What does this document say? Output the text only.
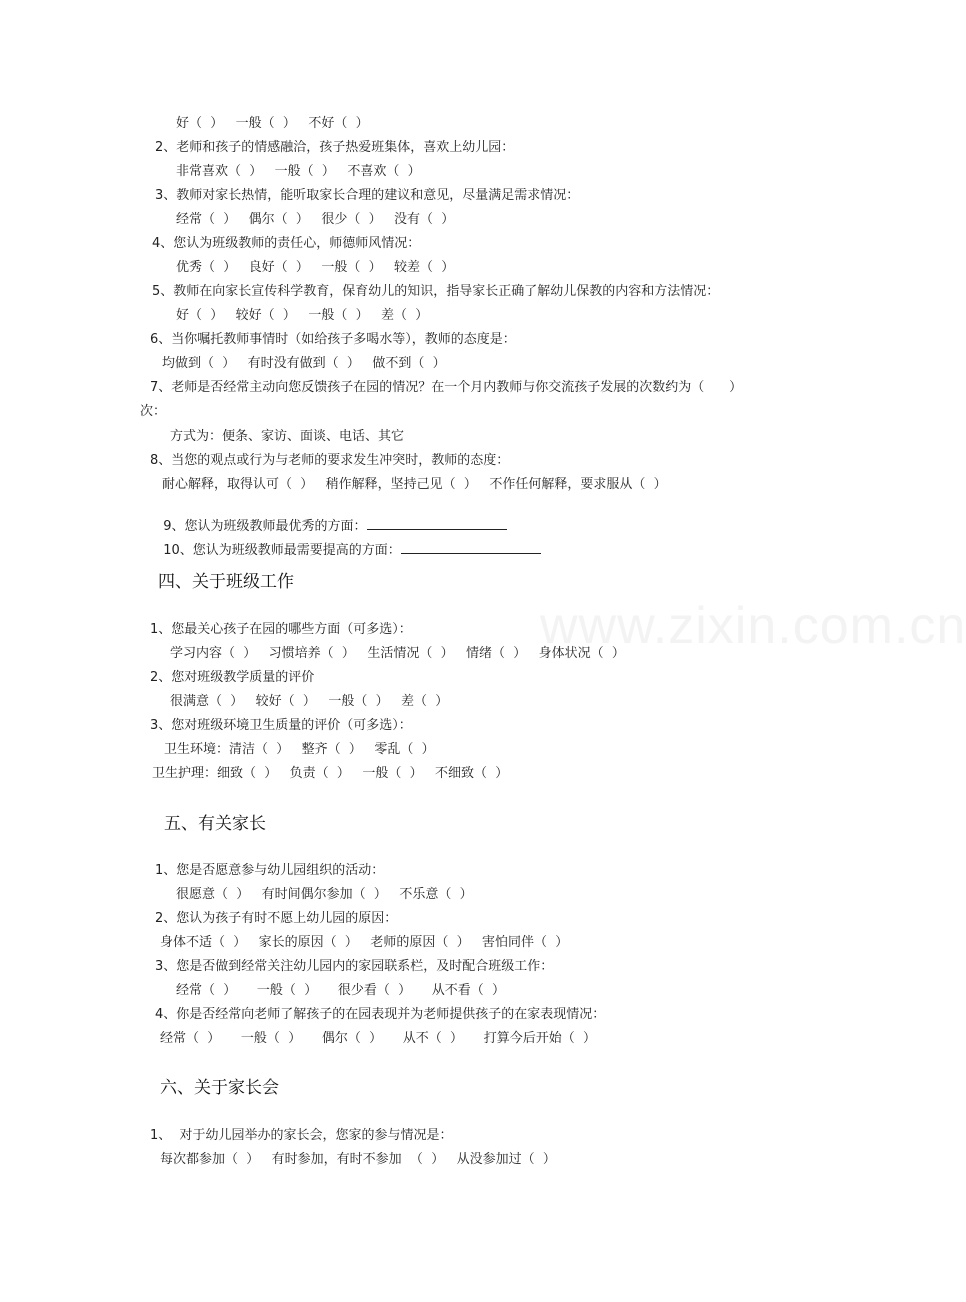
www.zixin.com.cn
好（  ）   一般（  ）   不好（  ）
2、老师和孩子的情感融洽，孩子热爱班集体，喜欢上幼儿园：
非常喜欢（  ）   一般（  ）   不喜欢（  ）
3、教师对家长热情，能听取家长合理的建议和意见，尽量满足需求情况：
经常（  ）   偶尔（  ）   很少（  ）   没有（  ）
4、您认为班级教师的责任心，师德师风情况：
优秀（  ）   良好（  ）   一般（  ）   较差（  ）
5、教师在向家长宣传科学教育，保育幼儿的知识，指导家长正确了解幼儿保教的内容和方法情况：
好（  ）   较好（  ）   一般（  ）   差（  ）
6、当你嘱托教师事情时（如给孩子多喝水等），教师的态度是：
均做到（  ）   有时没有做到（  ）   做不到（  ）
7、老师是否经常主动向您反馈孩子在园的情况？在一个月内教师与你交流孩子发展的次数约为（      ）
次：
方式为：便条、家访、面谈、电话、其它
8、当您的观点或行为与老师的要求发生冲突时，教师的态度：
耐心解释，取得认可（  ）   稍作解释，坚持己见（  ）   不作任何解释，要求服从（  ）

9、您认为班级教师最优秀的方面：

10、您认为班级教师最需要提高的方面：

四、关于班级工作
1、您最关心孩子在园的哪些方面（可多选）：
学习内容（  ）   习惯培养（  ）   生活情况（  ）   情绪（  ）   身体状况（  ）
2、您对班级教学质量的评价
很满意（  ）   较好（  ）   一般（  ）   差（  ）
3、您对班级环境卫生质量的评价（可多选）：
卫生环境：清洁（  ）   整齐（  ）   零乱（  ）
卫生护理：细致（  ）   负责（  ）   一般（  ）   不细致（  ）
五、有关家长
1、您是否愿意参与幼儿园组织的活动：
很愿意（  ）   有时间偶尔参加（  ）   不乐意（  ）
2、您认为孩子有时不愿上幼儿园的原因：
身体不适（  ）   家长的原因（  ）   老师的原因（  ）   害怕同伴（  ）
3、您是否做到经常关注幼儿园内的家园联系栏，及时配合班级工作：
经常（  ）     一般（  ）     很少看（  ）     从不看（  ）
4、你是否经常向老师了解孩子的在园表现并为老师提供孩子的在家表现情况：
经常（  ）     一般（  ）     偶尔（  ）     从不（  ）     打算今后开始（  ）
六、关于家长会
1、  对于幼儿园举办的家长会，您家的参与情况是：
每次都参加（  ）   有时参加，有时不参加  （  ）   从没参加过（  ）
